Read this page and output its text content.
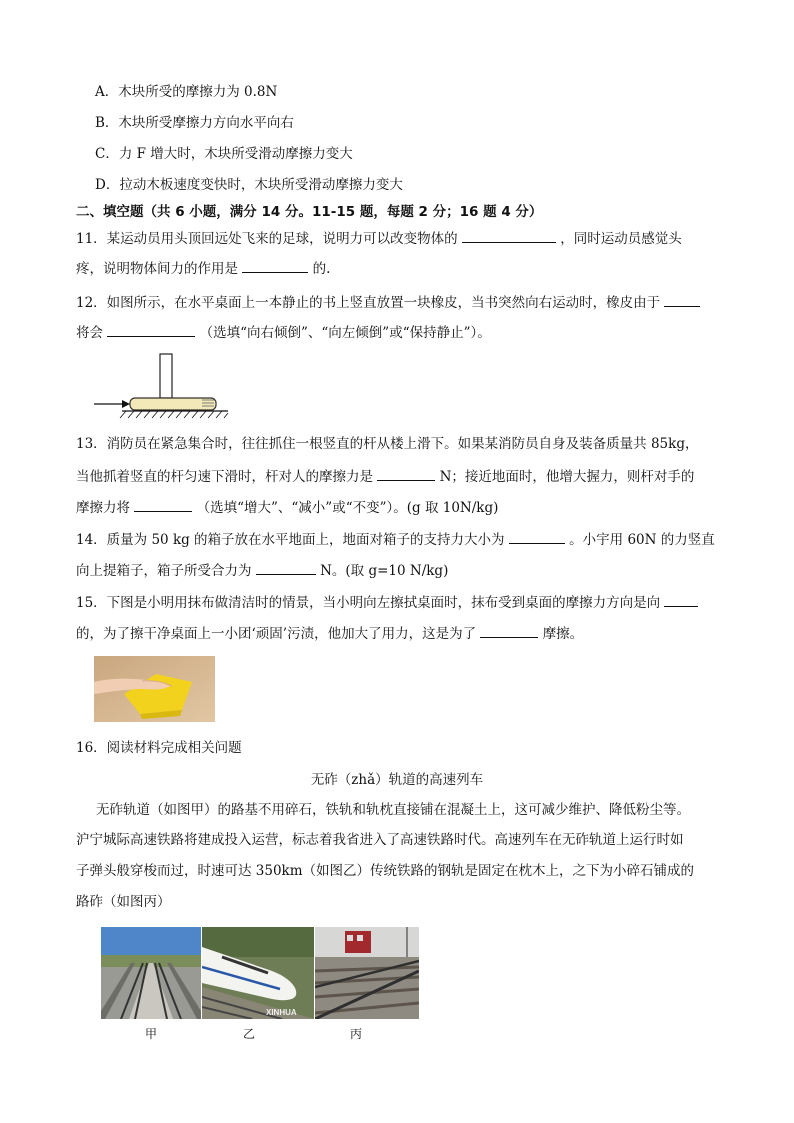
A．木块所受的摩擦力为 0.8N
B．木块所受摩擦力方向水平向右
C．力 F 增大时，木块所受滑动摩擦力变大
D．拉动木板速度变快时，木块所受滑动摩擦力变大
二、填空题（共 6 小题，满分 14 分。11-15 题，每题 2 分；16 题 4 分）
11．某运动员用头顶回远处飞来的足球，说明力可以改变物体的	，同时运动员感觉头
疼，说明物体间力的作用是	的.
12．如图所示，在水平桌面上一本静止的书上竖直放置一块橡皮，当书突然向右运动时，橡皮由于
将会	（选填“向右倾倒”、“向左倾倒”或“保持静止”）。
13．消防员在紧急集合时，往往抓住一根竖直的杆从楼上滑下。如果某消防员自身及装备质量共 85kg，
当他抓着竖直的杆匀速下滑时，杆对人的摩擦力是	N；接近地面时，他增大握力，则杆对手的
摩擦力将	（选填“增大”、“减小”或“不变”）。(g 取 10N/kg)
14．质量为 50 kg 的箱子放在水平地面上，地面对箱子的支持力大小为	。小宇用 60N 的力竖直
向上提箱子，箱子所受合力为	N。(取 g=10 N/kg)
15．下图是小明用抹布做清洁时的情景，当小明向左擦拭桌面时，抹布受到桌面的摩擦力方向是向
的，为了擦干净桌面上一小团‘顽固’污渍，他加大了用力，这是为了	摩擦。
16．阅读材料完成相关问题
无砟（zhǎ）轨道的高速列车
无砟轨道（如图甲）的路基不用碎石，铁轨和轨枕直接铺在混凝土上，这可减少维护、降低粉尘等。
沪宁城际高速铁路将建成投入运营，标志着我省进入了高速铁路时代。高速列车在无砟轨道上运行时如
子弹头般穿梭而过，时速可达 350km（如图乙）传统铁路的钢轨是固定在枕木上，之下为小碎石铺成的
路砟（如图丙）
XINHUA
甲	乙	丙
